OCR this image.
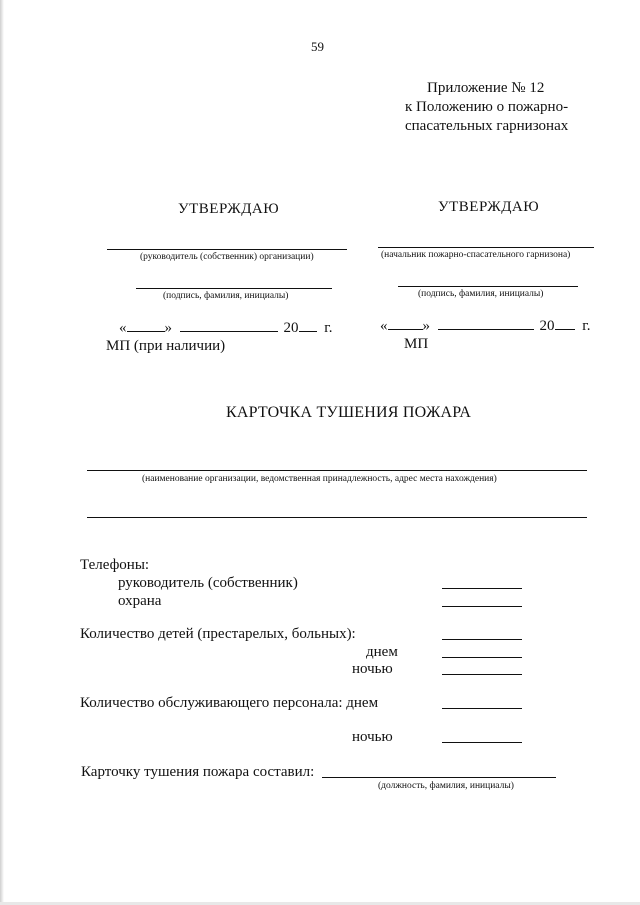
59
Приложение № 12
к Положению о пожарно-
спасательных гарнизонах
УТВЕРЖДАЮ
(руководитель (собственник) организации)
(подпись, фамилия, инициалы)
«	»	20 г.
МП (при наличии)
УТВЕРЖДАЮ
(начальник пожарно-спасательного гарнизона)
(подпись, фамилия, инициалы)
« »	20 г.
МП
КАРТОЧКА ТУШЕНИЯ ПОЖАРА
(наименование организации, ведомственная принадлежность, адрес места нахождения)
Телефоны:
руководитель (собственник)
охрана
Количество детей (престарелых, больных):
днем
ночью
Количество обслуживающего персонала: днем
ночью
Карточку тушения пожара составил:
(должность, фамилия, инициалы)
